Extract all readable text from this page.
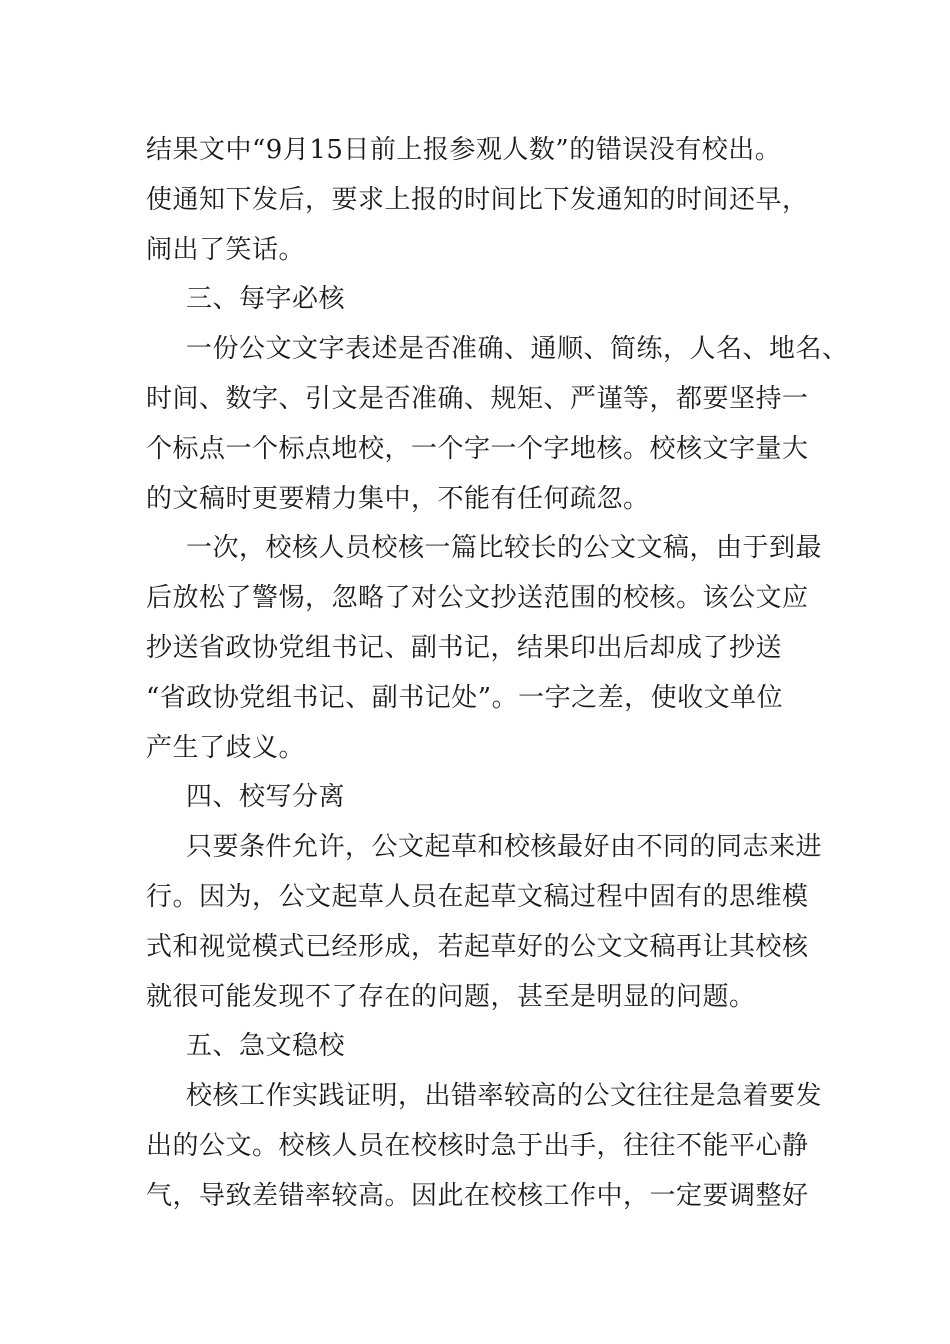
结果文中“9月15日前上报参观人数”的错误没有校出。
使通知下发后，要求上报的时间比下发通知的时间还早，
闹出了笑话。
三、每字必核
一份公文文字表述是否准确、通顺、简练，人名、地名、
时间、数字、引文是否准确、规矩、严谨等，都要坚持一
个标点一个标点地校，一个字一个字地核。校核文字量大
的文稿时更要精力集中，不能有任何疏忽。
一次，校核人员校核一篇比较长的公文文稿，由于到最
后放松了警惕，忽略了对公文抄送范围的校核。该公文应
抄送省政协党组书记、副书记，结果印出后却成了抄送
“省政协党组书记、副书记处”。一字之差，使收文单位
产生了歧义。
四、校写分离
只要条件允许，公文起草和校核最好由不同的同志来进
行。因为，公文起草人员在起草文稿过程中固有的思维模
式和视觉模式已经形成，若起草好的公文文稿再让其校核
就很可能发现不了存在的问题，甚至是明显的问题。
五、急文稳校
校核工作实践证明，出错率较高的公文往往是急着要发
出的公文。校核人员在校核时急于出手，往往不能平心静
气，导致差错率较高。因此在校核工作中，一定要调整好
